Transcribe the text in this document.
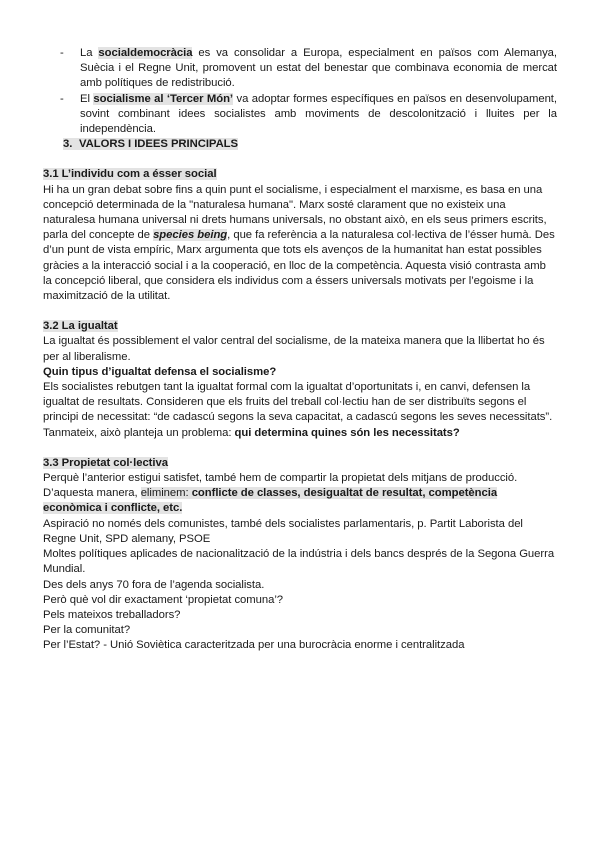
- La socialdemocràcia es va consolidar a Europa, especialment en països com Alemanya, Suècia i el Regne Unit, promovent un estat del benestar que combinava economia de mercat amb polítiques de redistribució.
- El socialisme al ‘Tercer Món’ va adoptar formes específiques en països en desenvolupament, sovint combinant idees socialistes amb moviments de descolonització i lluites per la independència.
3. VALORS I IDEES PRINCIPALS

3.1 L’individu com a ésser social

Hi ha un gran debat sobre fins a quin punt el socialisme, i especialment el marxisme, es basa en una concepció determinada de la "naturalesa humana". Marx sosté clarament que no existeix una naturalesa humana universal ni drets humans universals, no obstant això, en els seus primers escrits, parla del concepte de species being, que fa referència a la naturalesa col·lectiva de l’ésser humà. Des d’un punt de vista empíric, Marx argumenta que tots els avenços de la humanitat han estat possibles gràcies a la interacció social i a la cooperació, en lloc de la competència. Aquesta visió contrasta amb la concepció liberal, que considera els individus com a éssers universals motivats per l’egoisme i la maximització de la utilitat.

3.2 La igualtat

La igualtat és possiblement el valor central del socialisme, de la mateixa manera que la llibertat ho és per al liberalisme.

Quin tipus d’igualtat defensa el socialisme?

Els socialistes rebutgen tant la igualtat formal com la igualtat d’oportunitats i, en canvi, defensen la igualtat de resultats. Consideren que els fruits del treball col·lectiu han de ser distribuïts segons el principi de necessitat: “de cadascú segons la seva capacitat, a cadascú segons les seves necessitats”.

Tanmateix, això planteja un problema: qui determina quines són les necessitats?

3.3 Propietat col·lectiva

Perquè l’anterior estigui satisfet, també hem de compartir la propietat dels mitjans de producció. D’aquesta manera, eliminem: conflicte de classes, desigualtat de resultat, competència econòmica i conflicte, etc.

Aspiració no només dels comunistes, també dels socialistes parlamentaris, p. Partit Laborista del Regne Unit, SPD alemany, PSOE

Moltes polítiques aplicades de nacionalització de la indústria i dels bancs després de la Segona Guerra Mundial.

Des dels anys 70 fora de l’agenda socialista.

Però què vol dir exactament ‘propietat comuna’?

Pels mateixos treballadors?

Per la comunitat?

Per l’Estat? - Unió Soviètica caracteritzada per una burocràcia enorme i centralitzada
